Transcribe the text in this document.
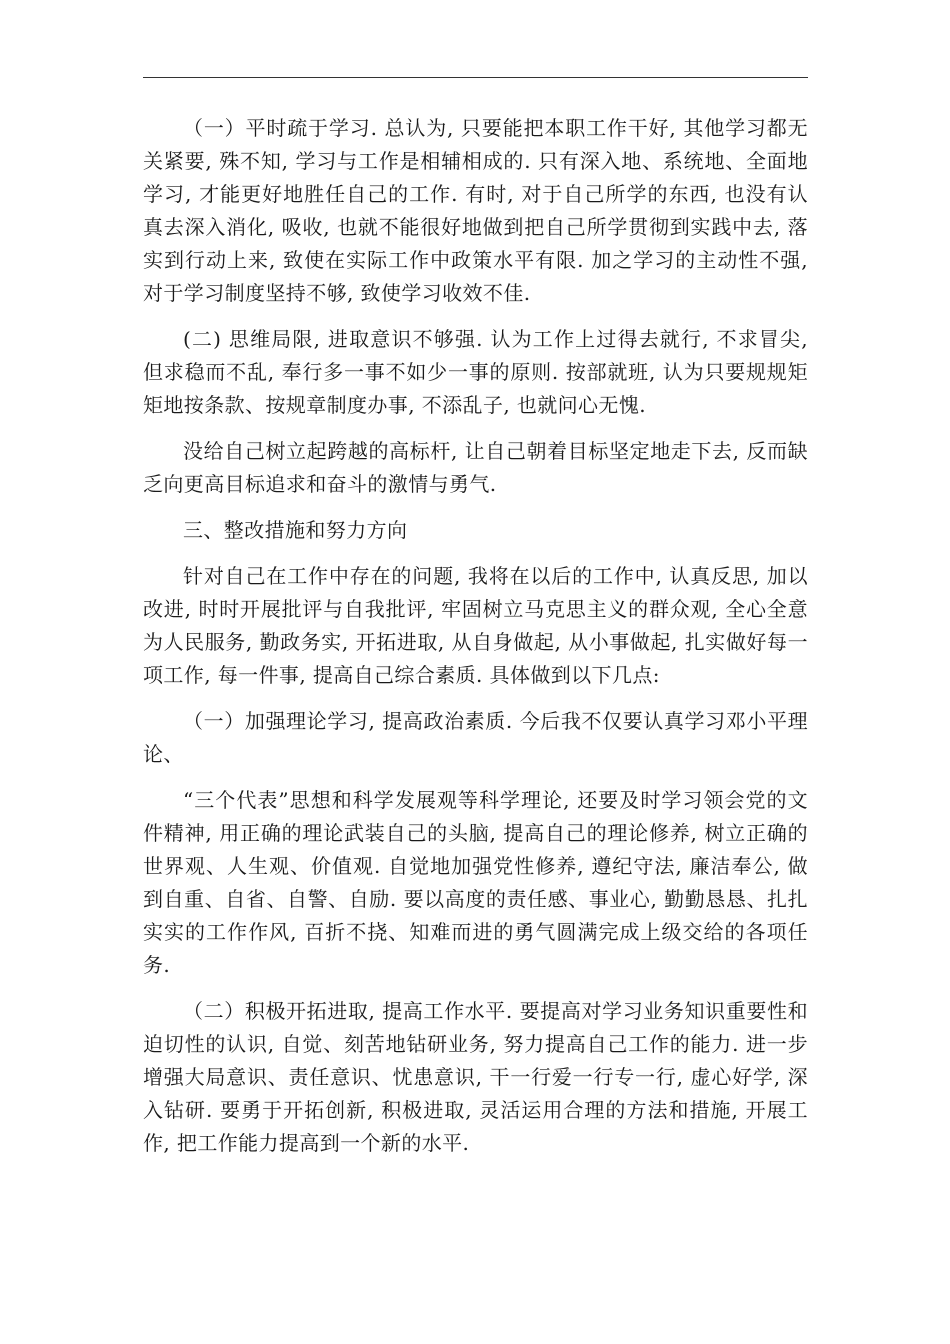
（一）平时疏于学习. 总认为, 只要能把本职工作干好, 其他学习都无关紧要, 殊不知, 学习与工作是相辅相成的. 只有深入地、系统地、全面地学习, 才能更好地胜任自己的工作. 有时, 对于自己所学的东西, 也没有认真去深入消化, 吸收, 也就不能很好地做到把自己所学贯彻到实践中去, 落实到行动上来, 致使在实际工作中政策水平有限. 加之学习的主动性不强, 对于学习制度坚持不够, 致使学习收效不佳.

(二) 思维局限, 进取意识不够强. 认为工作上过得去就行, 不求冒尖, 但求稳而不乱, 奉行多一事不如少一事的原则. 按部就班, 认为只要规规矩矩地按条款、按规章制度办事, 不添乱子, 也就问心无愧.

没给自己树立起跨越的高标杆, 让自己朝着目标坚定地走下去, 反而缺乏向更高目标追求和奋斗的激情与勇气.

三、整改措施和努力方向

针对自己在工作中存在的问题, 我将在以后的工作中, 认真反思, 加以改进, 时时开展批评与自我批评, 牢固树立马克思主义的群众观, 全心全意为人民服务, 勤政务实, 开拓进取, 从自身做起, 从小事做起, 扎实做好每一项工作, 每一件事, 提高自己综合素质. 具体做到以下几点:

（一）加强理论学习, 提高政治素质. 今后我不仅要认真学习邓小平理论、

“三个代表”思想和科学发展观等科学理论, 还要及时学习领会党的文件精神, 用正确的理论武装自己的头脑, 提高自己的理论修养, 树立正确的世界观、人生观、价值观. 自觉地加强党性修养, 遵纪守法, 廉洁奉公, 做到自重、自省、自警、自励. 要以高度的责任感、事业心, 勤勤恳恳、扎扎实实的工作作风, 百折不挠、知难而进的勇气圆满完成上级交给的各项任务.

（二）积极开拓进取, 提高工作水平. 要提高对学习业务知识重要性和迫切性的认识, 自觉、刻苦地钻研业务, 努力提高自己工作的能力. 进一步增强大局意识、责任意识、忧患意识, 干一行爱一行专一行, 虚心好学, 深入钻研. 要勇于开拓创新, 积极进取, 灵活运用合理的方法和措施, 开展工作, 把工作能力提高到一个新的水平.
